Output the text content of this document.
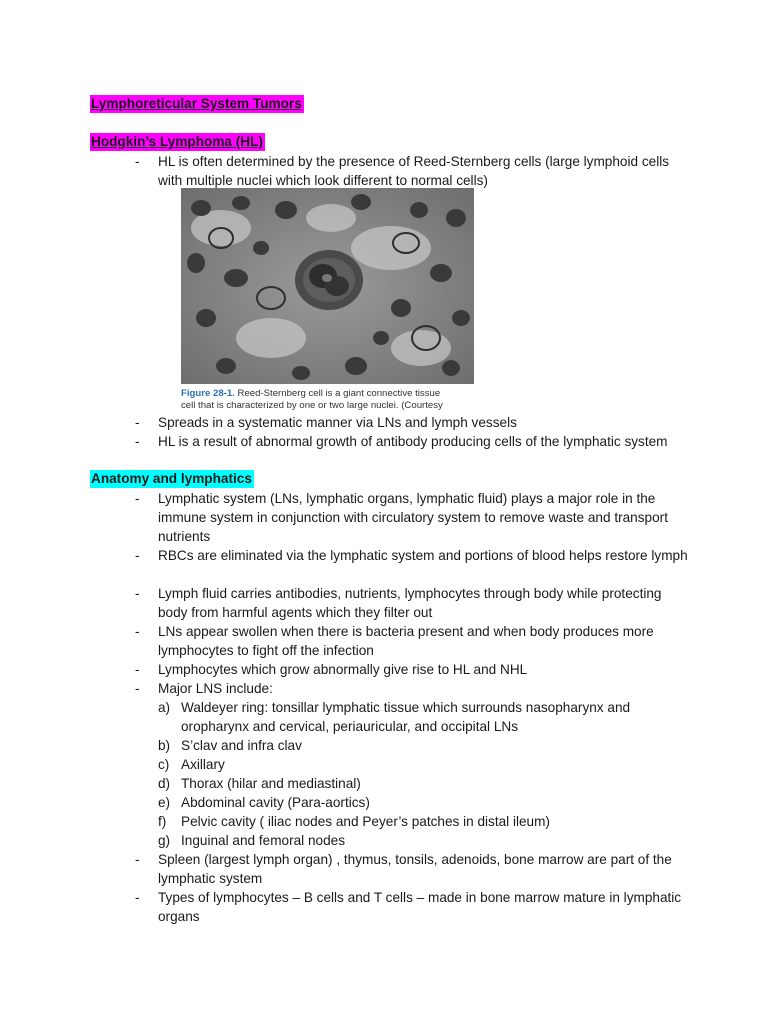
Lymphoreticular System Tumors
Hodgkin’s Lymphoma (HL)
- HL is often determined by the presence of Reed-Sternberg cells (large lymphoid cells with multiple nuclei which look different to normal cells)
Figure 28-1. Reed-Sternberg cell is a giant connective tissue
cell that is characterized by one or two large nuclei. (Courtesy
- Spreads in a systematic manner via LNs and lymph vessels
- HL is a result of abnormal growth of antibody producing cells of the lymphatic system
Anatomy and lymphatics
- Lymphatic system (LNs, lymphatic organs, lymphatic fluid) plays a major role in the immune system in conjunction with circulatory system to remove waste and transport nutrients
- RBCs are eliminated via the lymphatic system and portions of blood helps restore lymph
- Lymph fluid carries antibodies, nutrients, lymphocytes through body while protecting body from harmful agents which they filter out
- LNs appear swollen when there is bacteria present and when body produces more lymphocytes to fight off the infection
- Lymphocytes which grow abnormally give rise to HL and NHL
- Major LNS include:
a) Waldeyer ring: tonsillar lymphatic tissue which surrounds nasopharynx and oropharynx and cervical, periauricular, and occipital LNs
b) S’clav and infra clav
c) Axillary
d) Thorax (hilar and mediastinal)
e) Abdominal cavity (Para-aortics)
f) Pelvic cavity ( iliac nodes and Peyer’s patches in distal ileum)
g) Inguinal and femoral nodes
- Spleen (largest lymph organ) , thymus, tonsils, adenoids, bone marrow are part of the lymphatic system
- Types of lymphocytes – B cells and T cells – made in bone marrow mature in lymphatic organs
